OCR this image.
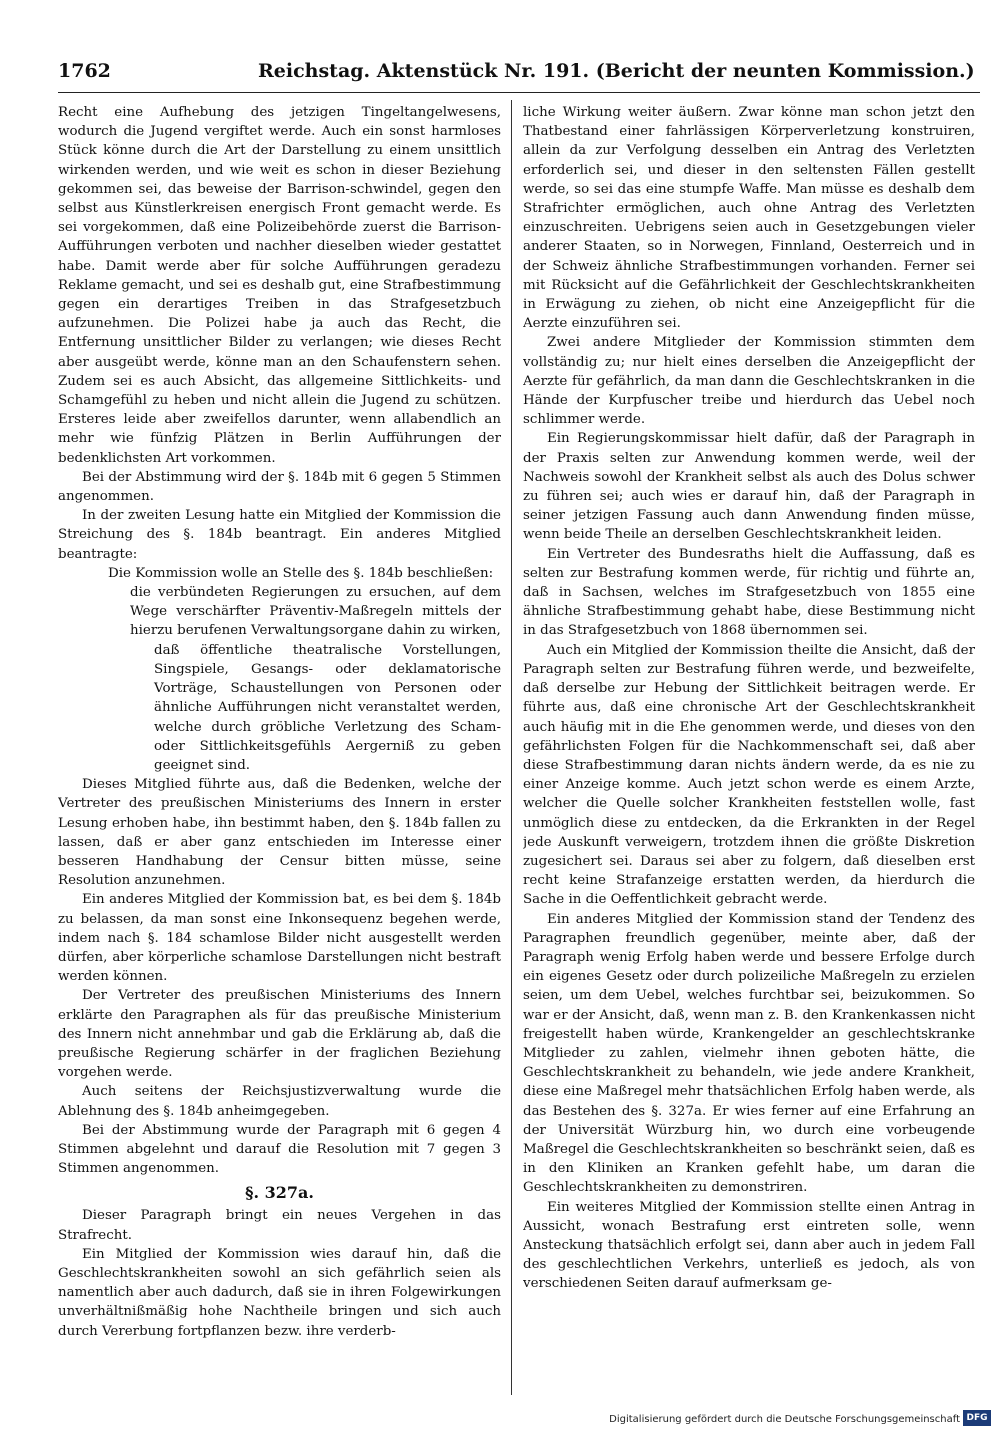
1762	Reichstag. Aktenstück Nr. 191. (Bericht der neunten Kommission.)

Recht eine Aufhebung des jetzigen Tingeltangelwesens, wodurch die Jugend vergiftet werde. Auch ein sonst harmloses Stück könne durch die Art der Darstellung zu einem unsittlich wirkenden werden, und wie weit es schon in dieser Beziehung gekommen sei, das beweise der Barrison-schwindel, gegen den selbst aus Künstlerkreisen energisch Front gemacht werde. Es sei vorgekommen, daß eine Polizeibehörde zuerst die Barrison-Aufführungen verboten und nachher dieselben wieder gestattet habe. Damit werde aber für solche Aufführungen geradezu Reklame gemacht, und sei es deshalb gut, eine Strafbestimmung gegen ein derartiges Treiben in das Strafgesetzbuch aufzunehmen. Die Polizei habe ja auch das Recht, die Entfernung unsittlicher Bilder zu verlangen; wie dieses Recht aber ausgeübt werde, könne man an den Schaufenstern sehen. Zudem sei es auch Absicht, das allgemeine Sittlichkeits- und Schamgefühl zu heben und nicht allein die Jugend zu schützen. Ersteres leide aber zweifellos darunter, wenn allabendlich an mehr wie fünfzig Plätzen in Berlin Aufführungen der bedenklichsten Art vorkommen.

Bei der Abstimmung wird der §. 184b mit 6 gegen 5 Stimmen angenommen.

In der zweiten Lesung hatte ein Mitglied der Kommission die Streichung des §. 184b beantragt. Ein anderes Mitglied beantragte:

Die Kommission wolle an Stelle des §. 184b beschließen:

die verbündeten Regierungen zu ersuchen, auf dem Wege verschärfter Präventiv-Maßregeln mittels der hierzu berufenen Verwaltungsorgane dahin zu wirken,

daß öffentliche theatralische Vorstellungen, Singspiele, Gesangs- oder deklamatorische Vorträge, Schaustellungen von Personen oder ähnliche Aufführungen nicht veranstaltet werden, welche durch gröbliche Verletzung des Scham- oder Sittlichkeitsgefühls Aergerniß zu geben geeignet sind.

Dieses Mitglied führte aus, daß die Bedenken, welche der Vertreter des preußischen Ministeriums des Innern in erster Lesung erhoben habe, ihn bestimmt haben, den §. 184b fallen zu lassen, daß er aber ganz entschieden im Interesse einer besseren Handhabung der Censur bitten müsse, seine Resolution anzunehmen.

Ein anderes Mitglied der Kommission bat, es bei dem §. 184b zu belassen, da man sonst eine Inkonsequenz begehen werde, indem nach §. 184 schamlose Bilder nicht ausgestellt werden dürfen, aber körperliche schamlose Darstellungen nicht bestraft werden können.

Der Vertreter des preußischen Ministeriums des Innern erklärte den Paragraphen als für das preußische Ministerium des Innern nicht annehmbar und gab die Erklärung ab, daß die preußische Regierung schärfer in der fraglichen Beziehung vorgehen werde.

Auch seitens der Reichsjustizverwaltung wurde die Ablehnung des §. 184b anheimgegeben.

Bei der Abstimmung wurde der Paragraph mit 6 gegen 4 Stimmen abgelehnt und darauf die Resolution mit 7 gegen 3 Stimmen angenommen.

§. 327a.

Dieser Paragraph bringt ein neues Vergehen in das Strafrecht.

Ein Mitglied der Kommission wies darauf hin, daß die Geschlechtskrankheiten sowohl an sich gefährlich seien als namentlich aber auch dadurch, daß sie in ihren Folgewirkungen unverhältnißmäßig hohe Nachtheile bringen und sich auch durch Vererbung fortpflanzen bezw. ihre verderb-

liche Wirkung weiter äußern. Zwar könne man schon jetzt den Thatbestand einer fahrlässigen Körperverletzung konstruiren, allein da zur Verfolgung desselben ein Antrag des Verletzten erforderlich sei, und dieser in den seltensten Fällen gestellt werde, so sei das eine stumpfe Waffe. Man müsse es deshalb dem Strafrichter ermöglichen, auch ohne Antrag des Verletzten einzuschreiten. Uebrigens seien auch in Gesetzgebungen vieler anderer Staaten, so in Norwegen, Finnland, Oesterreich und in der Schweiz ähnliche Strafbestimmungen vorhanden. Ferner sei mit Rücksicht auf die Gefährlichkeit der Geschlechtskrankheiten in Erwägung zu ziehen, ob nicht eine Anzeigepflicht für die Aerzte einzuführen sei.

Zwei andere Mitglieder der Kommission stimmten dem vollständig zu; nur hielt eines derselben die Anzeigepflicht der Aerzte für gefährlich, da man dann die Geschlechtskranken in die Hände der Kurpfuscher treibe und hierdurch das Uebel noch schlimmer werde.

Ein Regierungskommissar hielt dafür, daß der Paragraph in der Praxis selten zur Anwendung kommen werde, weil der Nachweis sowohl der Krankheit selbst als auch des Dolus schwer zu führen sei; auch wies er darauf hin, daß der Paragraph in seiner jetzigen Fassung auch dann Anwendung finden müsse, wenn beide Theile an derselben Geschlechtskrankheit leiden.

Ein Vertreter des Bundesraths hielt die Auffassung, daß es selten zur Bestrafung kommen werde, für richtig und führte an, daß in Sachsen, welches im Strafgesetzbuch von 1855 eine ähnliche Strafbestimmung gehabt habe, diese Bestimmung nicht in das Strafgesetzbuch von 1868 übernommen sei.

Auch ein Mitglied der Kommission theilte die Ansicht, daß der Paragraph selten zur Bestrafung führen werde, und bezweifelte, daß derselbe zur Hebung der Sittlichkeit beitragen werde. Er führte aus, daß eine chronische Art der Geschlechtskrankheit auch häufig mit in die Ehe genommen werde, und dieses von den gefährlichsten Folgen für die Nachkommenschaft sei, daß aber diese Strafbestimmung daran nichts ändern werde, da es nie zu einer Anzeige komme. Auch jetzt schon werde es einem Arzte, welcher die Quelle solcher Krankheiten feststellen wolle, fast unmöglich diese zu entdecken, da die Erkrankten in der Regel jede Auskunft verweigern, trotzdem ihnen die größte Diskretion zugesichert sei. Daraus sei aber zu folgern, daß dieselben erst recht keine Strafanzeige erstatten werden, da hierdurch die Sache in die Oeffentlichkeit gebracht werde.

Ein anderes Mitglied der Kommission stand der Tendenz des Paragraphen freundlich gegenüber, meinte aber, daß der Paragraph wenig Erfolg haben werde und bessere Erfolge durch ein eigenes Gesetz oder durch polizeiliche Maßregeln zu erzielen seien, um dem Uebel, welches furchtbar sei, beizukommen. So war er der Ansicht, daß, wenn man z. B. den Krankenkassen nicht freigestellt haben würde, Krankengelder an geschlechtskranke Mitglieder zu zahlen, vielmehr ihnen geboten hätte, die Geschlechtskrankheit zu behandeln, wie jede andere Krankheit, diese eine Maßregel mehr thatsächlichen Erfolg haben werde, als das Bestehen des §. 327a. Er wies ferner auf eine Erfahrung an der Universität Würzburg hin, wo durch eine vorbeugende Maßregel die Geschlechtskrankheiten so beschränkt seien, daß es in den Kliniken an Kranken gefehlt habe, um daran die Geschlechtskrankheiten zu demonstriren.

Ein weiteres Mitglied der Kommission stellte einen Antrag in Aussicht, wonach Bestrafung erst eintreten solle, wenn Ansteckung thatsächlich erfolgt sei, dann aber auch in jedem Fall des geschlechtlichen Verkehrs, unterließ es jedoch, als von verschiedenen Seiten darauf aufmerksam ge-

Digitalisierung gefördert durch die Deutsche Forschungsgemeinschaft DFG
